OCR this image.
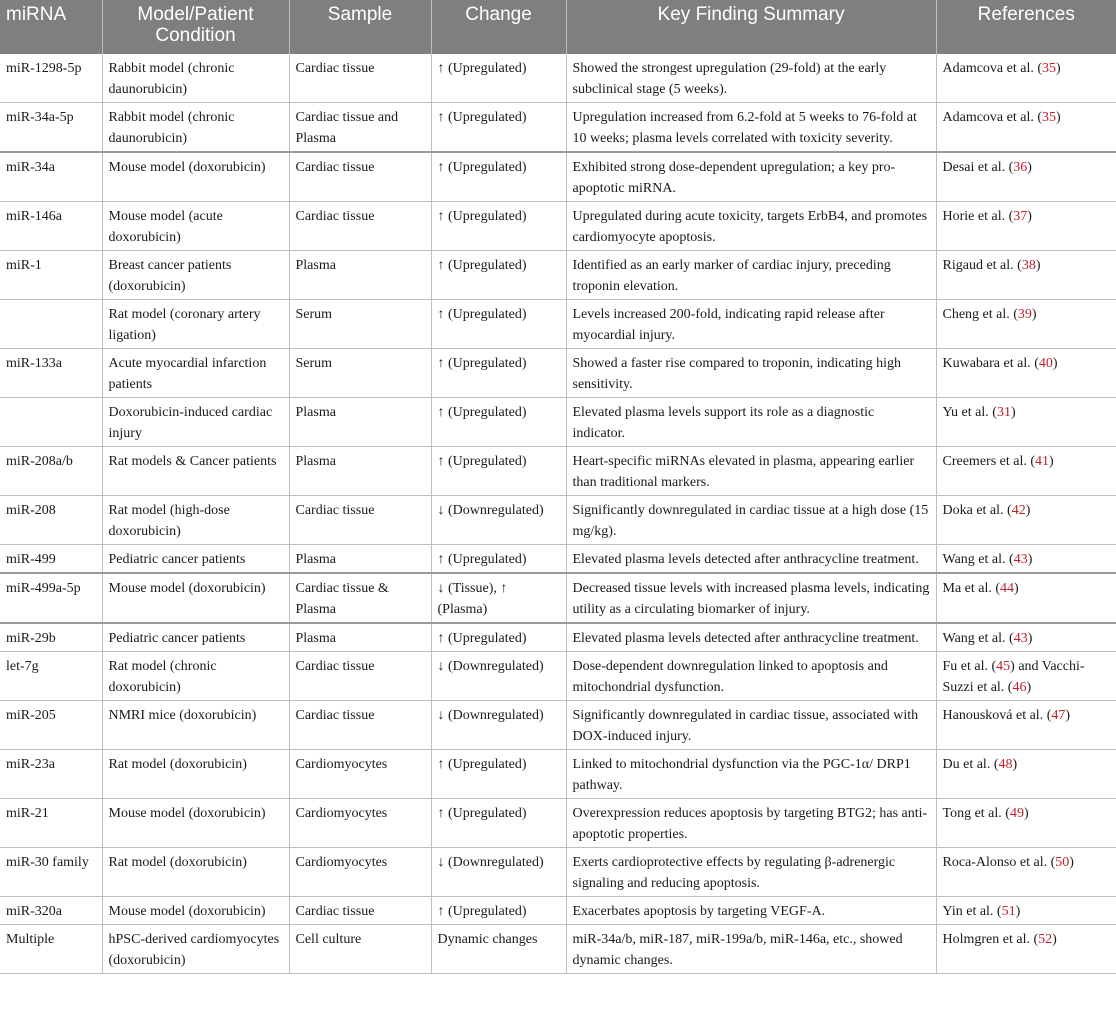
miRNA	Model/Patient Condition	Sample	Change	Key Finding Summary	References
miR-1298-5p	Rabbit model (chronic daunorubicin)	Cardiac tissue	↑ (Upregulated)	Showed the strongest upregulation (29-fold) at the early subclinical stage (5 weeks).	Adamcova et al. (35)
miR-34a-5p	Rabbit model (chronic daunorubicin)	Cardiac tissue and Plasma	↑ (Upregulated)	Upregulation increased from 6.2-fold at 5 weeks to 76-fold at 10 weeks; plasma levels correlated with toxicity severity.	Adamcova et al. (35)
miR-34a	Mouse model (doxorubicin)	Cardiac tissue	↑ (Upregulated)	Exhibited strong dose-dependent upregulation; a key pro-apoptotic miRNA.	Desai et al. (36)
miR-146a	Mouse model (acute doxorubicin)	Cardiac tissue	↑ (Upregulated)	Upregulated during acute toxicity, targets ErbB4, and promotes cardiomyocyte apoptosis.	Horie et al. (37)
miR-1	Breast cancer patients (doxorubicin)	Plasma	↑ (Upregulated)	Identified as an early marker of cardiac injury, preceding troponin elevation.	Rigaud et al. (38)
	Rat model (coronary artery ligation)	Serum	↑ (Upregulated)	Levels increased 200-fold, indicating rapid release after myocardial injury.	Cheng et al. (39)
miR-133a	Acute myocardial infarction patients	Serum	↑ (Upregulated)	Showed a faster rise compared to troponin, indicating high sensitivity.	Kuwabara et al. (40)
	Doxorubicin-induced cardiac injury	Plasma	↑ (Upregulated)	Elevated plasma levels support its role as a diagnostic indicator.	Yu et al. (31)
miR-208a/b	Rat models & Cancer patients	Plasma	↑ (Upregulated)	Heart-specific miRNAs elevated in plasma, appearing earlier than traditional markers.	Creemers et al. (41)
miR-208	Rat model (high-dose doxorubicin)	Cardiac tissue	↓ (Downregulated)	Significantly downregulated in cardiac tissue at a high dose (15 mg/kg).	Doka et al. (42)
miR-499	Pediatric cancer patients	Plasma	↑ (Upregulated)	Elevated plasma levels detected after anthracycline treatment.	Wang et al. (43)
miR-499a-5p	Mouse model (doxorubicin)	Cardiac tissue & Plasma	↓ (Tissue), ↑ (Plasma)	Decreased tissue levels with increased plasma levels, indicating utility as a circulating biomarker of injury.	Ma et al. (44)
miR-29b	Pediatric cancer patients	Plasma	↑ (Upregulated)	Elevated plasma levels detected after anthracycline treatment.	Wang et al. (43)
let-7g	Rat model (chronic doxorubicin)	Cardiac tissue	↓ (Downregulated)	Dose-dependent downregulation linked to apoptosis and mitochondrial dysfunction.	Fu et al. (45) and Vacchi-Suzzi et al. (46)
miR-205	NMRI mice (doxorubicin)	Cardiac tissue	↓ (Downregulated)	Significantly downregulated in cardiac tissue, associated with DOX-induced injury.	Hanousková et al. (47)
miR-23a	Rat model (doxorubicin)	Cardiomyocytes	↑ (Upregulated)	Linked to mitochondrial dysfunction via the PGC-1α/ DRP1 pathway.	Du et al. (48)
miR-21	Mouse model (doxorubicin)	Cardiomyocytes	↑ (Upregulated)	Overexpression reduces apoptosis by targeting BTG2; has anti-apoptotic properties.	Tong et al. (49)
miR-30 family	Rat model (doxorubicin)	Cardiomyocytes	↓ (Downregulated)	Exerts cardioprotective effects by regulating β-adrenergic signaling and reducing apoptosis.	Roca-Alonso et al. (50)
miR-320a	Mouse model (doxorubicin)	Cardiac tissue	↑ (Upregulated)	Exacerbates apoptosis by targeting VEGF-A.	Yin et al. (51)
Multiple	hPSC-derived cardiomyocytes (doxorubicin)	Cell culture	Dynamic changes	miR-34a/b, miR-187, miR-199a/b, miR-146a, etc., showed dynamic changes.	Holmgren et al. (52)
